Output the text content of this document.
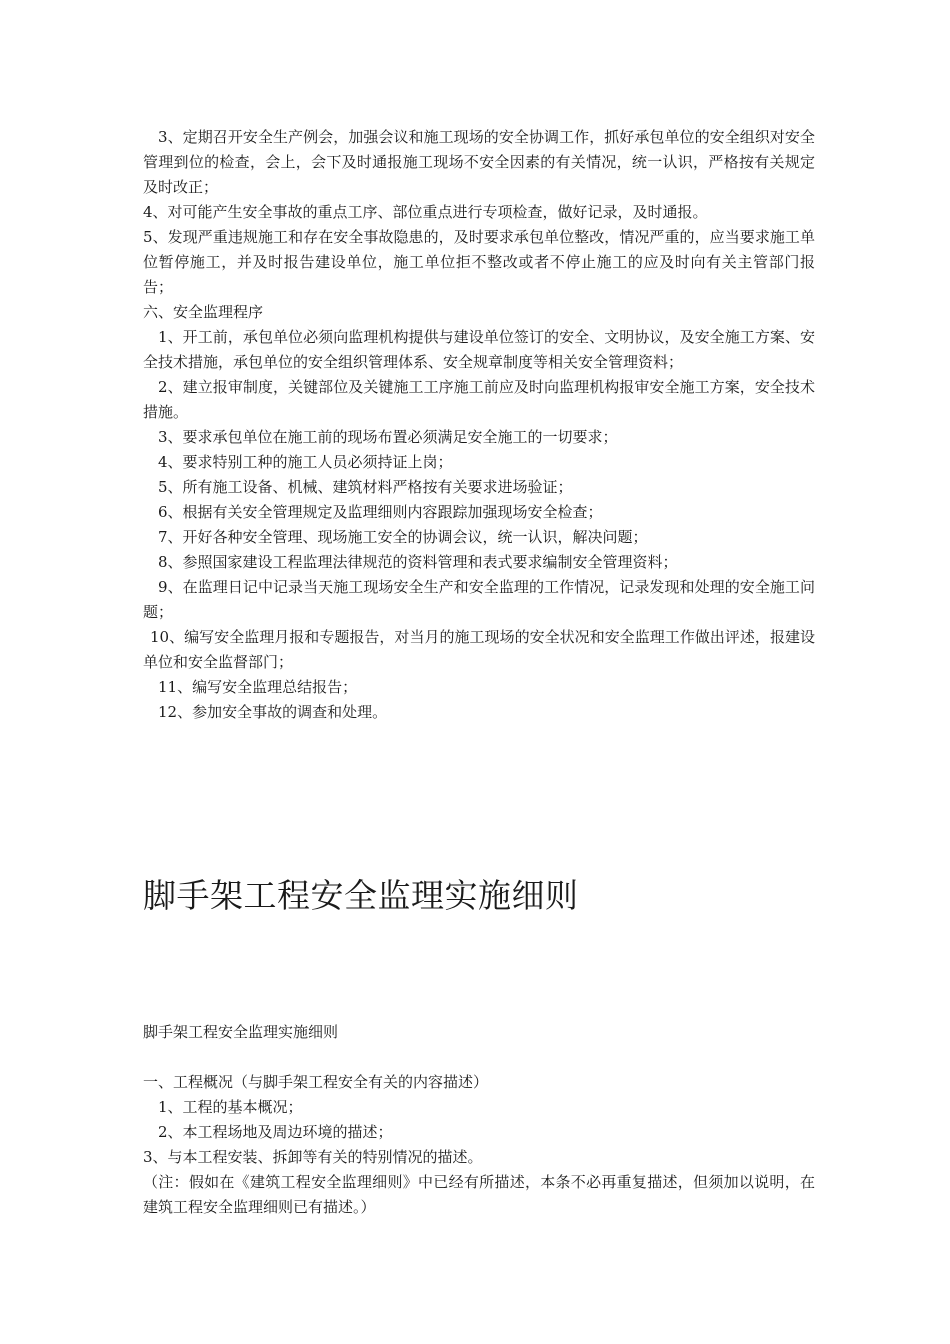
3、定期召开安全生产例会，加强会议和施工现场的安全协调工作，抓好承包单位的安全组织对安全管理到位的检查，会上，会下及时通报施工现场不安全因素的有关情况，统一认识，严格按有关规定及时改正；

4、对可能产生安全事故的重点工序、部位重点进行专项检查，做好记录，及时通报。

5、发现严重违规施工和存在安全事故隐患的，及时要求承包单位整改，情况严重的，应当要求施工单位暂停施工，并及时报告建设单位，施工单位拒不整改或者不停止施工的应及时向有关主管部门报告；

六、安全监理程序

1、开工前，承包单位必须向监理机构提供与建设单位签订的安全、文明协议，及安全施工方案、安全技术措施，承包单位的安全组织管理体系、安全规章制度等相关安全管理资料；

2、建立报审制度，关键部位及关键施工工序施工前应及时向监理机构报审安全施工方案，安全技术措施。

3、要求承包单位在施工前的现场布置必须满足安全施工的一切要求；

4、要求特别工种的施工人员必须持证上岗；

5、所有施工设备、机械、建筑材料严格按有关要求进场验证；

6、根据有关安全管理规定及监理细则内容跟踪加强现场安全检查；

7、开好各种安全管理、现场施工安全的协调会议，统一认识，解决问题；

8、参照国家建设工程监理法律规范的资料管理和表式要求编制安全管理资料；

9、在监理日记中记录当天施工现场安全生产和安全监理的工作情况，记录发现和处理的安全施工问题；

10、编写安全监理月报和专题报告，对当月的施工现场的安全状况和安全监理工作做出评述，报建设单位和安全监督部门；

11、编写安全监理总结报告；

12、参加安全事故的调查和处理。

脚手架工程安全监理实施细则

脚手架工程安全监理实施细则

一、工程概况（与脚手架工程安全有关的内容描述）

1、工程的基本概况；

2、本工程场地及周边环境的描述；

3、与本工程安装、拆卸等有关的特别情况的描述。

（注：假如在《建筑工程安全监理细则》中已经有所描述，本条不必再重复描述，但须加以说明，在建筑工程安全监理细则已有描述。）
